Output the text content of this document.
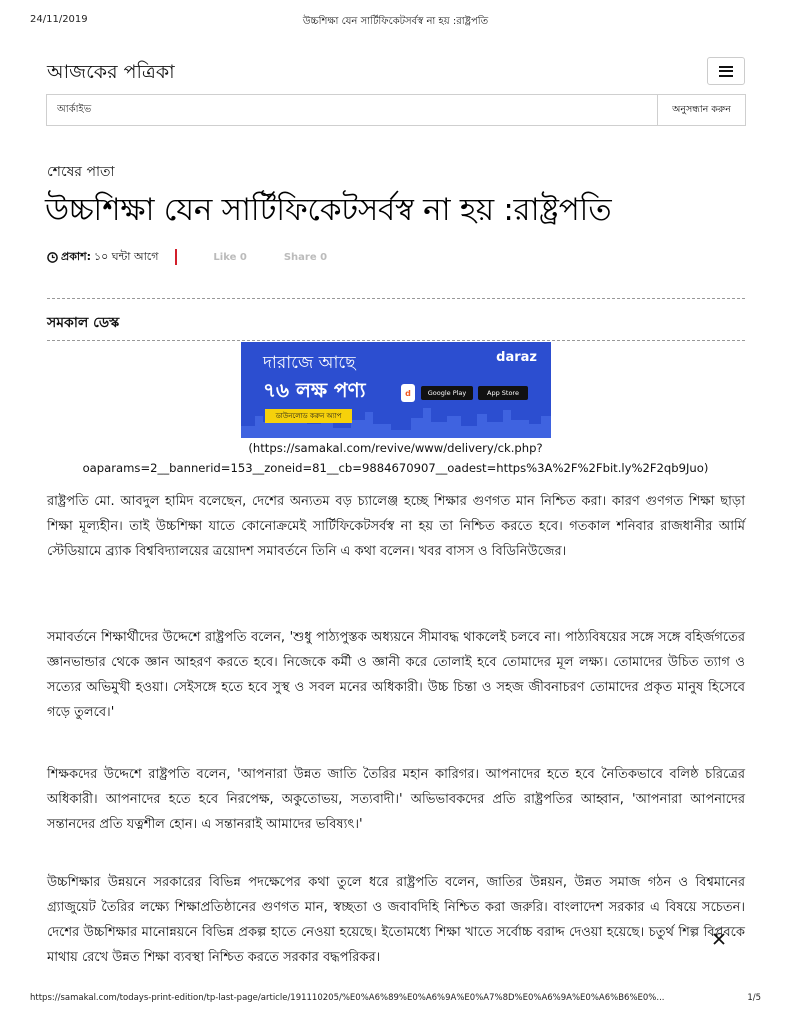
24/11/2019	উচ্চশিক্ষা যেন সার্টিফিকেটসর্বস্ব না হয় :রাষ্ট্রপতি
আজকের পত্রিকা
আর্কাইভ
অনুসন্ধান করুন
শেষের পাতা
উচ্চশিক্ষা যেন সার্টিফিকেটসর্বস্ব না হয় :রাষ্ট্রপতি
প্রকাশ: ১০ ঘন্টা আগে	Like 0	Share 0
সমকাল ডেস্ক
দারাজে আছে
৭৬ লক্ষ পণ্য
daraz
ডাউনলোড করুন অ্যাপ
d	Google Play	App Store
(https://samakal.com/revive/www/delivery/ck.php?
oaparams=2__bannerid=153__zoneid=81__cb=9884670907__oadest=https%3A%2F%2Fbit.ly%2F2qb9Juo)

রাষ্ট্রপতি মো. আবদুল হামিদ বলেছেন, দেশের অন্যতম বড় চ্যালেঞ্জ হচ্ছে শিক্ষার গুণগত মান নিশ্চিত করা। কারণ গুণগত শিক্ষা ছাড়া শিক্ষা মূল্যহীন। তাই উচ্চশিক্ষা যাতে কোনোক্রমেই সার্টিফিকেটসর্বস্ব না হয় তা নিশ্চিত করতে হবে। গতকাল শনিবার রাজধানীর আর্মি স্টেডিয়ামে ব্র্যাক বিশ্ববিদ্যালয়ের ত্রয়োদশ সমাবর্তনে তিনি এ কথা বলেন। খবর বাসস ও বিডিনিউজের।

সমাবর্তনে শিক্ষার্থীদের উদ্দেশে রাষ্ট্রপতি বলেন, 'শুধু পাঠ্যপুস্তক অধ্যয়নে সীমাবদ্ধ থাকলেই চলবে না। পাঠ্যবিষয়ের সঙ্গে সঙ্গে বহির্জগতের জ্ঞানভান্ডার থেকে জ্ঞান আহরণ করতে হবে। নিজেকে কর্মী ও জ্ঞানী করে তোলাই হবে তোমাদের মূল লক্ষ্য। তোমাদের উচিত ত্যাগ ও সত্যের অভিমুখী হওয়া। সেইসঙ্গে হতে হবে সুস্থ ও সবল মনের অধিকারী। উচ্চ চিন্তা ও সহজ জীবনাচরণ তোমাদের প্রকৃত মানুষ হিসেবে গড়ে তুলবে।'

শিক্ষকদের উদ্দেশে রাষ্ট্রপতি বলেন, 'আপনারা উন্নত জাতি তৈরির মহান কারিগর। আপনাদের হতে হবে নৈতিকভাবে বলিষ্ঠ চরিত্রের অধিকারী। আপনাদের হতে হবে নিরপেক্ষ, অকুতোভয়, সত্যবাদী।' অভিভাবকদের প্রতি রাষ্ট্রপতির আহ্বান, 'আপনারা আপনাদের সন্তানদের প্রতি যত্নশীল হোন। এ সন্তানরাই আমাদের ভবিষ্যৎ।'

উচ্চশিক্ষার উন্নয়নে সরকারের বিভিন্ন পদক্ষেপের কথা তুলে ধরে রাষ্ট্রপতি বলেন, জাতির উন্নয়ন, উন্নত সমাজ গঠন ও বিশ্বমানের গ্র্যাজুয়েট তৈরির লক্ষ্যে শিক্ষাপ্রতিষ্ঠানের গুণগত মান, স্বচ্ছতা ও জবাবদিহি নিশ্চিত করা জরুরি। বাংলাদেশ সরকার এ বিষয়ে সচেতন। দেশের উচ্চশিক্ষার মানোন্নয়নে বিভিন্ন প্রকল্প হাতে নেওয়া হয়েছে। ইতোমধ্যে শিক্ষা খাতে সর্বোচ্চ বরাদ্দ দেওয়া হয়েছে। চতুর্থ শিল্প বিপ্লবকে মাথায় রেখে উন্নত শিক্ষা ব্যবস্থা নিশ্চিত করতে সরকার বদ্ধপরিকর।

https://samakal.com/todays-print-edition/tp-last-page/article/191110205/%E0%A6%89%E0%A6%9A%E0%A7%8D%E0%A6%9A%E0%A6%B6%E0%...	1/5
